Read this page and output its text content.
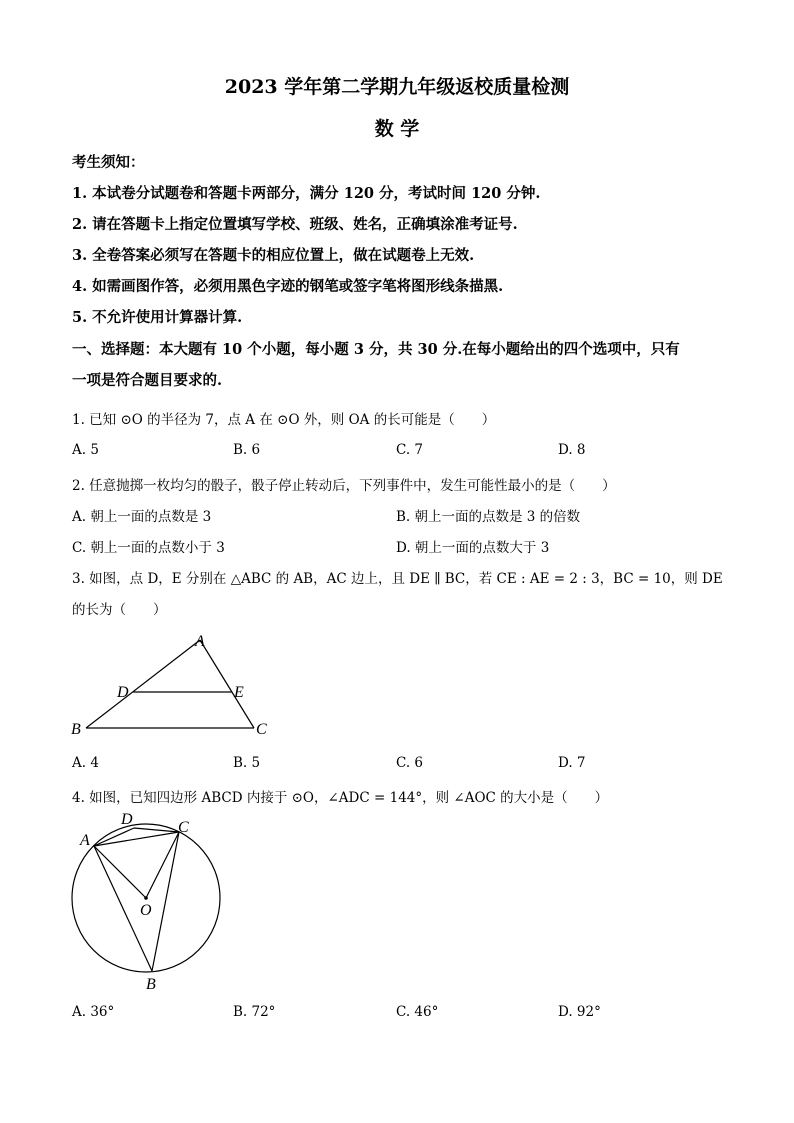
2023 学年第二学期九年级返校质量检测
数 学
考生须知：
1. 本试卷分试题卷和答题卡两部分，满分 120 分，考试时间 120 分钟.
2. 请在答题卡上指定位置填写学校、班级、姓名，正确填涂准考证号.
3. 全卷答案必须写在答题卡的相应位置上，做在试题卷上无效.
4. 如需画图作答，必须用黑色字迹的钢笔或签字笔将图形线条描黑.
5. 不允许使用计算器计算.
一、选择题：本大题有 10 个小题，每小题 3 分，共 30 分.在每小题给出的四个选项中，只有
一项是符合题目要求的.
1. 已知 ⊙O 的半径为 7，点 A 在 ⊙O 外，则 OA 的长可能是（　　）
A. 5	B. 6	C. 7	D. 8
2. 任意抛掷一枚均匀的骰子，骰子停止转动后，下列事件中，发生可能性最小的是（　　）
A. 朝上一面的点数是 3	B. 朝上一面的点数是 3 的倍数
C. 朝上一面的点数小于 3	D. 朝上一面的点数大于 3
3. 如图，点 D，E 分别在 △ABC 的 AB，AC 边上，且 DE ∥ BC，若 CE : AE = 2 : 3，BC = 10，则 DE
的长为（　　）
A
D	E
B	C
A. 4	B. 5	C. 6	D. 7
4. 如图，已知四边形 ABCD 内接于 ⊙O，∠ADC = 144°，则 ∠AOC 的大小是（　　）
D	C
A
O
B
A. 36°	B. 72°	C. 46°	D. 92°
